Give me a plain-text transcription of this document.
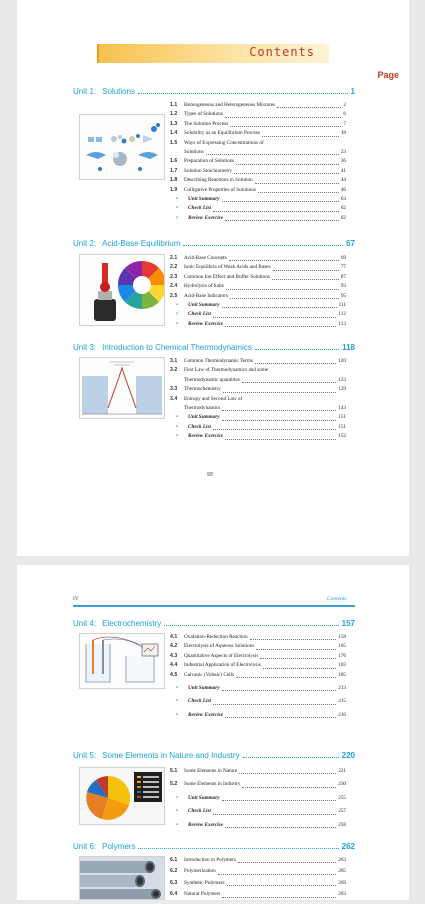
Contents
Page
Unit 1: Solutions	1
1.1	Homogeneous and Heterogeneous Mixtures	2
1.2	Types of Solutions	6
1.3	The Solution Process	7
1.4	Solubility as an Equilibrium Process	18
1.5	Ways of Expressing Concentrations of
Solutions	23
1.6	Preparation of Solutions	36
1.7	Solution Stoichiometry	41
1.8	Describing Reactions in Solution	44
1.9	Colligative Properties of Solutions	46
•	Unit Summary	63
•	Check List	62
•	Review Exercise	62
Unit 2: Acid-Base Equilibrium	67
2.1	Acid-Base Concepts	69
2.2	Ionic Equilibria of Weak Acids and Bases	77
2.3	Common Ion Effect and Buffer Solutions	87
2.4	Hydrolysis of Salts	93
2.5	Acid-Base Indicators	95
•	Unit Summary	111
•	Check List	112
•	Review Exercise	113
Unit 3: Introduction to Chemical Thermodynamics	118
3.1	Common Thermodynamic Terms	120
3.2	First Law of Thermodynamics and some
Thermodynamic quantities	123
3.3	Thermochemistry	129
3.4	Entropy and Second Law of
Thermodynamics	143
•	Unit Summary	151
•	Check List	151
•	Review Exercise	152
III
IV	Contents
Unit 4: Electrochemistry	157
4.1	Oxidation-Reduction Reaction	158
4.2	Electrolysis of Aqueous Solutions	165
4.3	Quantitative Aspects of Electrolysis	176
4.4	Industrial Application of Electrolysis	183
4.5	Galvanic (Voltaic) Cells	185
•	Unit Summary	213
•	Check List	215
•	Review Exercise	216
Unit 5: Some Elements in Nature and Industry	220
5.1	Some Elements in Nature	221
5.2	Some Elements in Industry	230
•	Unit Summary	255
•	Check List	257
•	Review Exercise	258
Unit 6: Polymers	262
6.1	Introduction to Polymers	263
6.2	Polymerization	265
6.3	Synthetic Polymers	269
6.4	Natural Polymers	283
